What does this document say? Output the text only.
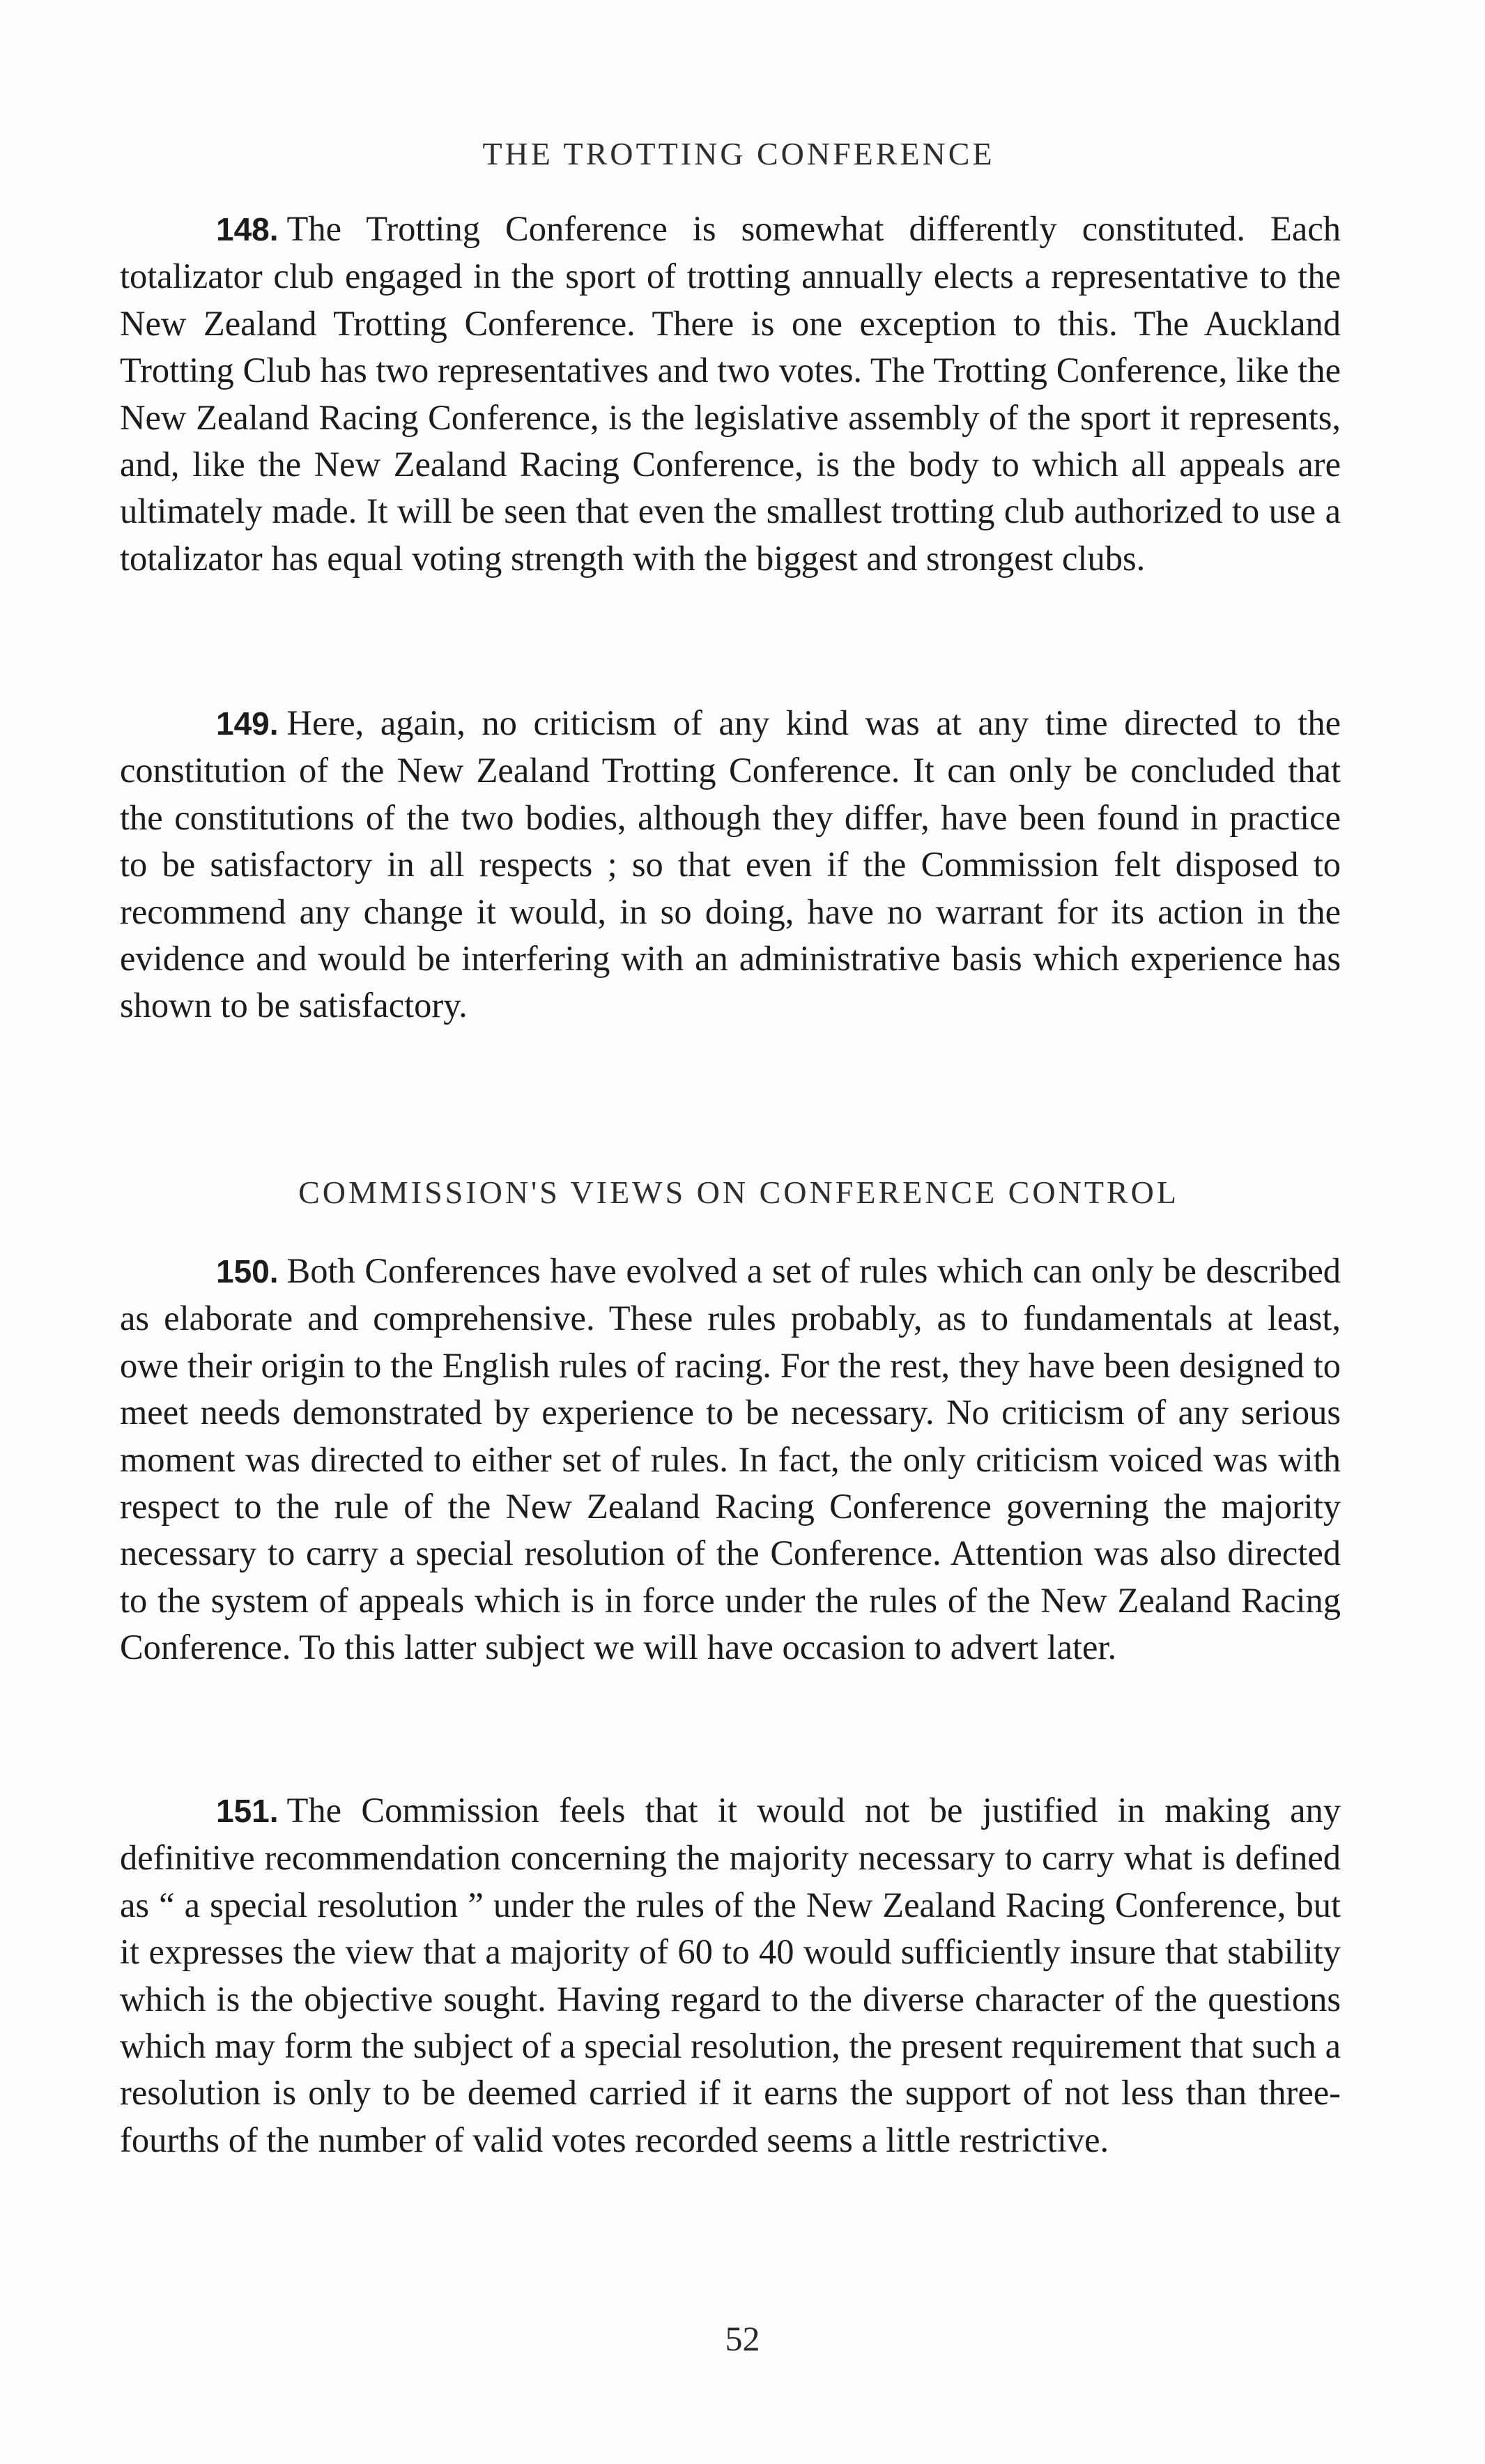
THE TROTTING CONFERENCE

148. The Trotting Conference is somewhat differently constituted. Each totalizator club engaged in the sport of trotting annually elects a representative to the New Zealand Trotting Conference. There is one exception to this. The Auckland Trotting Club has two representatives and two votes. The Trotting Conference, like the New Zealand Racing Conference, is the legislative assembly of the sport it represents, and, like the New Zealand Racing Conference, is the body to which all appeals are ultimately made. It will be seen that even the smallest trotting club authorized to use a totalizator has equal voting strength with the biggest and strongest clubs.

149. Here, again, no criticism of any kind was at any time directed to the constitution of the New Zealand Trotting Conference. It can only be concluded that the constitutions of the two bodies, although they differ, have been found in practice to be satisfactory in all respects ; so that even if the Commission felt disposed to recommend any change it would, in so doing, have no warrant for its action in the evidence and would be interfering with an administrative basis which experience has shown to be satisfactory.

COMMISSION'S VIEWS ON CONFERENCE CONTROL

150. Both Conferences have evolved a set of rules which can only be described as elaborate and comprehensive. These rules probably, as to fundamentals at least, owe their origin to the English rules of racing. For the rest, they have been designed to meet needs demonstrated by experience to be necessary. No criticism of any serious moment was directed to either set of rules. In fact, the only criticism voiced was with respect to the rule of the New Zealand Racing Conference governing the majority necessary to carry a special resolution of the Conference. Attention was also directed to the system of appeals which is in force under the rules of the New Zealand Racing Conference. To this latter subject we will have occasion to advert later.

151. The Commission feels that it would not be justified in making any definitive recommendation concerning the majority necessary to carry what is defined as “ a special resolution ” under the rules of the New Zealand Racing Conference, but it expresses the view that a majority of 60 to 40 would sufficiently insure that stability which is the objective sought. Having regard to the diverse character of the questions which may form the subject of a special resolution, the present requirement that such a resolution is only to be deemed carried if it earns the support of not less than three-fourths of the number of valid votes recorded seems a little restrictive.

52
